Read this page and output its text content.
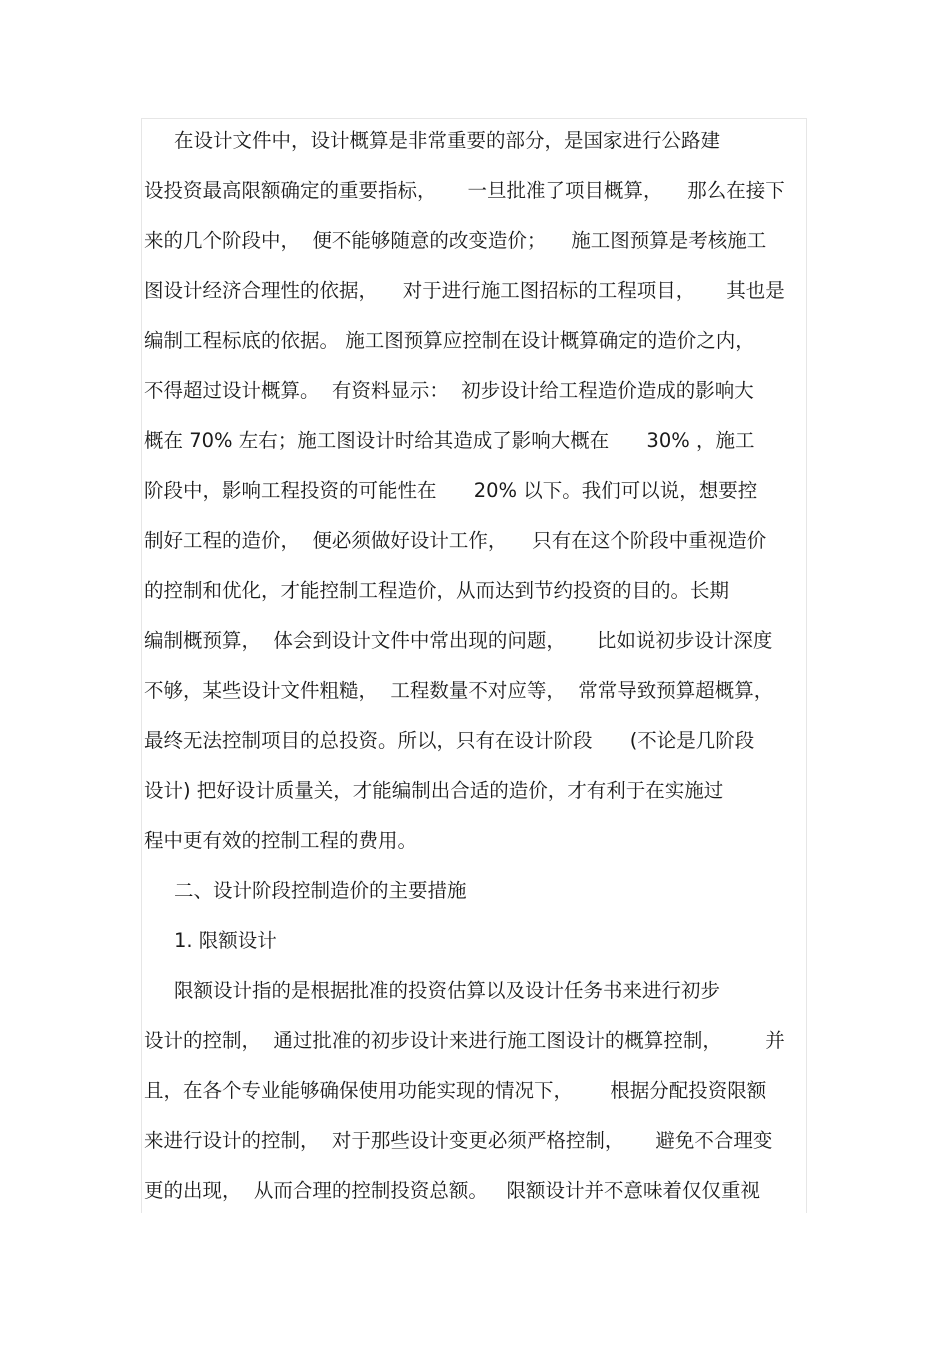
在设计文件中，设计概算是非常重要的部分，是国家进行公路建
设投资最高限额确定的重要指标，     一旦批准了项目概算，    那么在接下
来的几个阶段中，  便不能够随意的改变造价；    施工图预算是考核施工
图设计经济合理性的依据，    对于进行施工图招标的工程项目，     其也是
编制工程标底的依据。 施工图预算应控制在设计概算确定的造价之内，
不得超过设计概算。  有资料显示：  初步设计给工程造价造成的影响大
概在 70% 左右；施工图设计时给其造成了影响大概在      30% ，施工
阶段中，影响工程投资的可能性在      20% 以下。我们可以说，想要控
制好工程的造价，  便必须做好设计工作，    只有在这个阶段中重视造价
的控制和优化，才能控制工程造价，从而达到节约投资的目的。长期
编制概预算，  体会到设计文件中常出现的问题，     比如说初步设计深度
不够，某些设计文件粗糙，  工程数量不对应等，  常常导致预算超概算，
最终无法控制项目的总投资。所以，只有在设计阶段      (不论是几阶段
设计) 把好设计质量关，才能编制出合适的造价，才有利于在实施过
程中更有效的控制工程的费用。
二、设计阶段控制造价的主要措施
1. 限额设计
限额设计指的是根据批准的投资估算以及设计任务书来进行初步
设计的控制，  通过批准的初步设计来进行施工图设计的概算控制，       并
且，在各个专业能够确保使用功能实现的情况下，      根据分配投资限额
来进行设计的控制，  对于那些设计变更必须严格控制，     避免不合理变
更的出现，  从而合理的控制投资总额。   限额设计并不意味着仅仅重视
